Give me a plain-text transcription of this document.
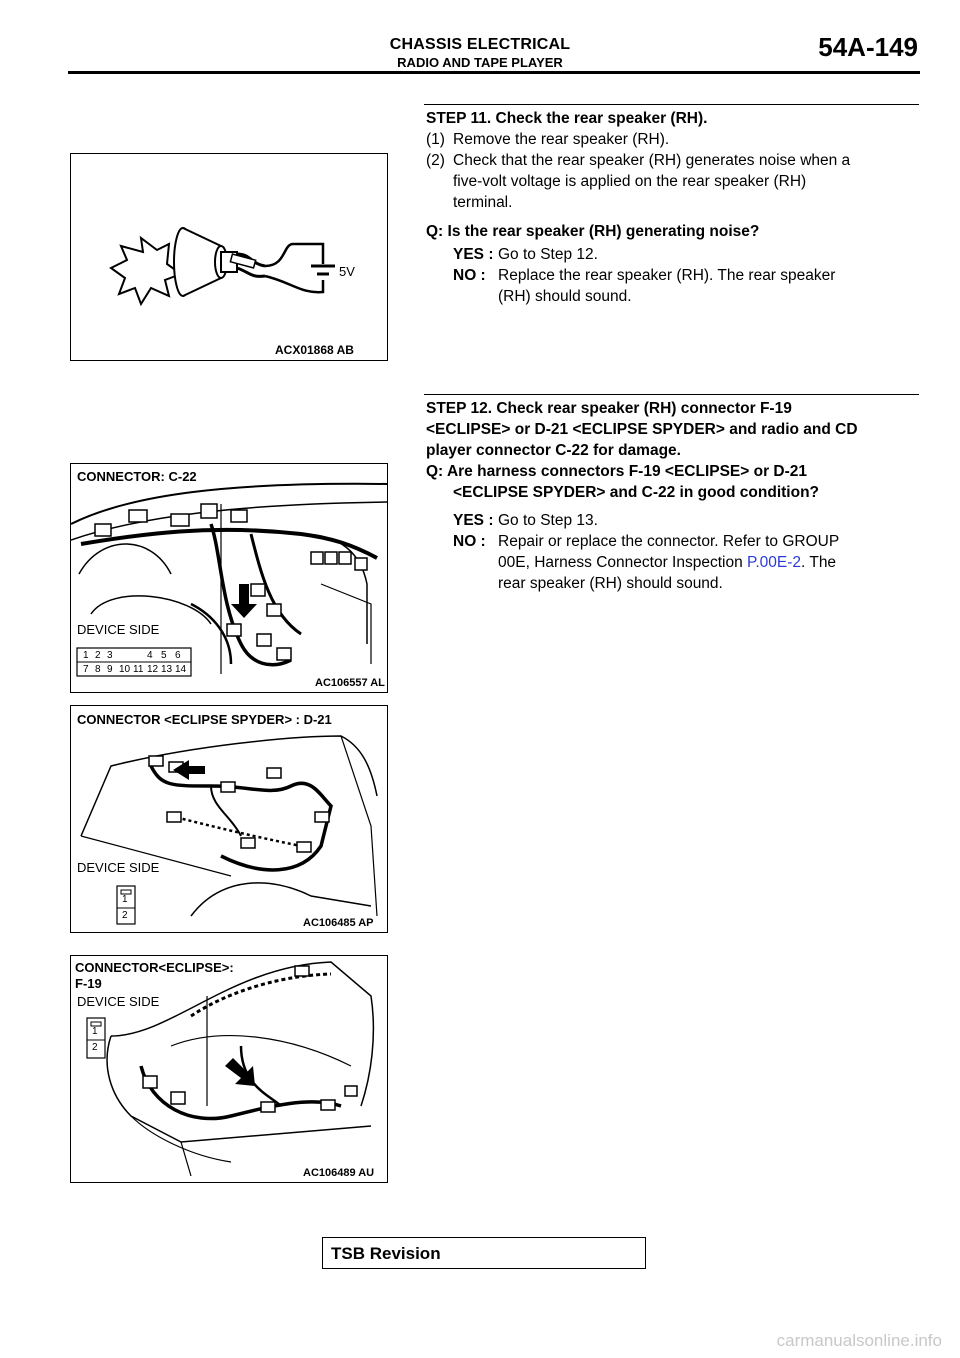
CHASSIS ELECTRICAL
RADIO AND TAPE PLAYER
54A-149
STEP 11. Check the rear speaker (RH).
(1) Remove the rear speaker (RH).
(2) Check that the rear speaker (RH) generates noise when a
five-volt voltage is applied on the rear speaker (RH)
terminal.
Q: Is the rear speaker (RH) generating noise?
YES : Go to Step 12.
NO : Replace the rear speaker (RH). The rear speaker
(RH) should sound.
STEP 12. Check rear speaker (RH) connector F-19
<ECLIPSE> or D-21 <ECLIPSE SPYDER> and radio and CD
player connector C-22 for damage.
Q: Are harness connectors F-19 <ECLIPSE> or D-21
<ECLIPSE SPYDER> and C-22 in good condition?
YES : Go to Step 13.
NO : Repair or replace the connector. Refer to GROUP
00E, Harness Connector Inspection P.00E-2. The
rear speaker (RH) should sound.
5V
ACX01868 AB
CONNECTOR: C-22
DEVICE SIDE
1 2 3	4 5 6
7 8 9 10 11 12 13 14
AC106557 AL
CONNECTOR <ECLIPSE SPYDER> : D-21
DEVICE SIDE
1
2
AC106485 AP
CONNECTOR<ECLIPSE>:
F-19
DEVICE SIDE
1
2
AC106489 AU
TSB Revision
carmanualsonline.info
